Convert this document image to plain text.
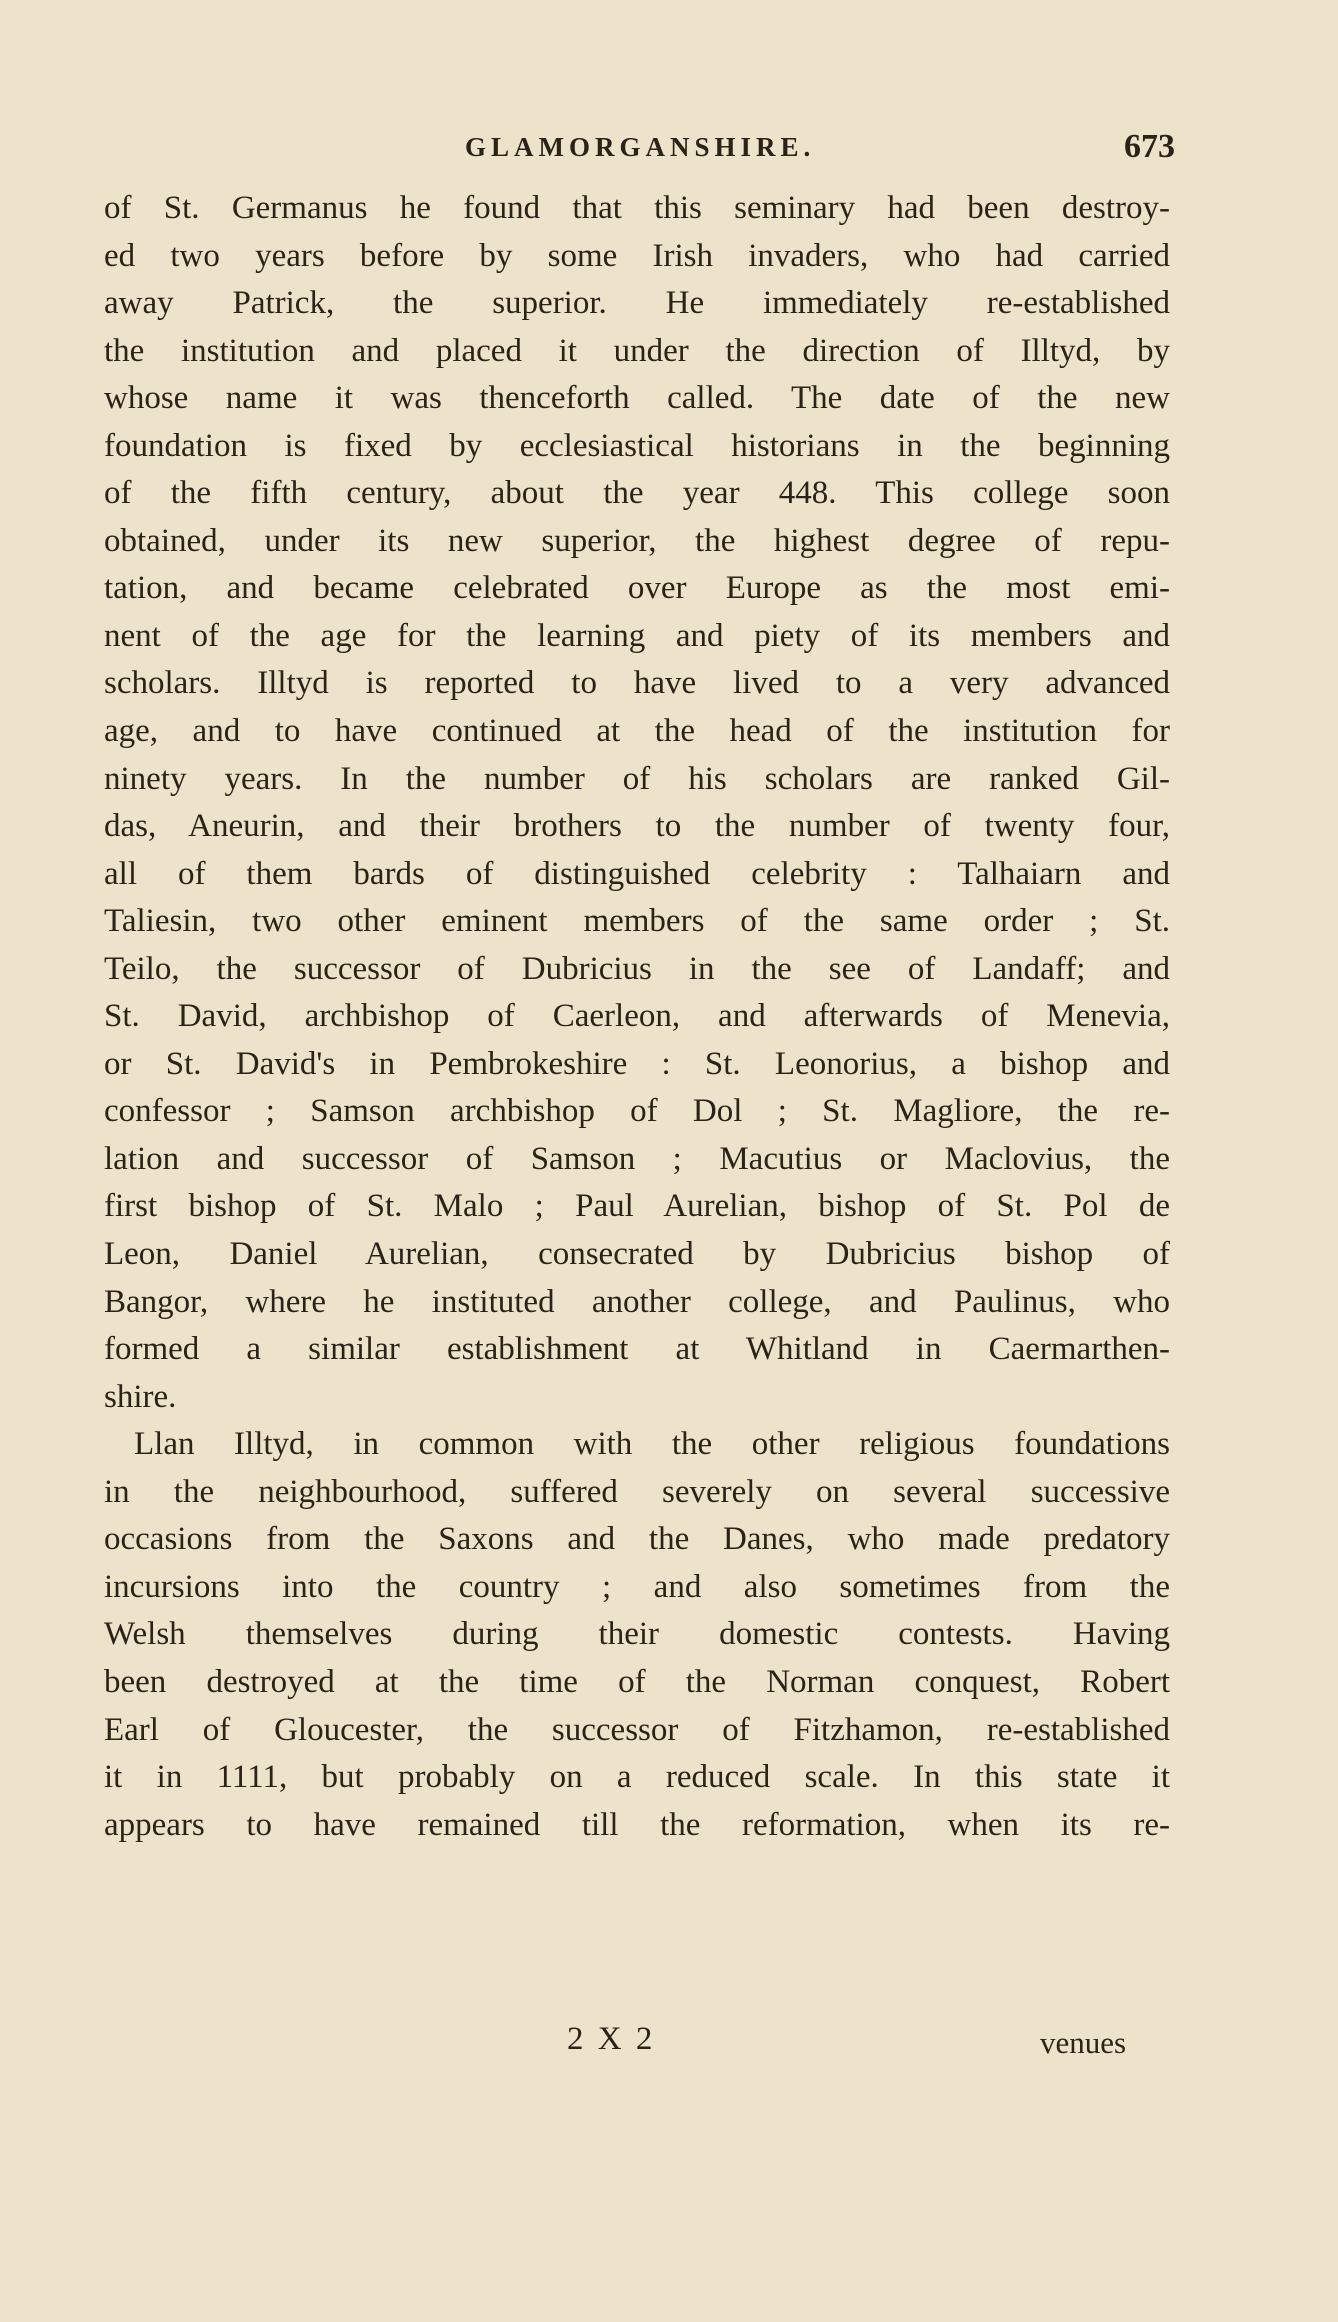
GLAMORGANSHIRE.	673
of St. Germanus he found that this seminary had been destroy-
ed two years before by some Irish invaders, who had carried
away Patrick, the superior. He immediately re-established
the institution and placed it under the direction of Illtyd, by
whose name it was thenceforth called. The date of the new
foundation is fixed by ecclesiastical historians in the beginning
of the fifth century, about the year 448. This college soon
obtained, under its new superior, the highest degree of repu-
tation, and became celebrated over Europe as the most emi-
nent of the age for the learning and piety of its members and
scholars. Illtyd is reported to have lived to a very advanced
age, and to have continued at the head of the institution for
ninety years. In the number of his scholars are ranked Gil-
das, Aneurin, and their brothers to the number of twenty four,
all of them bards of distinguished celebrity : Talhaiarn and
Taliesin, two other eminent members of the same order ; St.
Teilo, the successor of Dubricius in the see of Landaff; and
St. David, archbishop of Caerleon, and afterwards of Menevia,
or St. David's in Pembrokeshire : St. Leonorius, a bishop and
confessor ; Samson archbishop of Dol ; St. Magliore, the re-
lation and successor of Samson ; Macutius or Maclovius, the
first bishop of St. Malo ; Paul Aurelian, bishop of St. Pol de
Leon, Daniel Aurelian, consecrated by Dubricius bishop of
Bangor, where he instituted another college, and Paulinus, who
formed a similar establishment at Whitland in Caermarthen-
shire.
Llan Illtyd, in common with the other religious foundations
in the neighbourhood, suffered severely on several successive
occasions from the Saxons and the Danes, who made predatory
incursions into the country ; and also sometimes from the
Welsh themselves during their domestic contests. Having
been destroyed at the time of the Norman conquest, Robert
Earl of Gloucester, the successor of Fitzhamon, re-established
it in 1111, but probably on a reduced scale. In this state it
appears to have remained till the reformation, when its re-
2 X 2	venues
